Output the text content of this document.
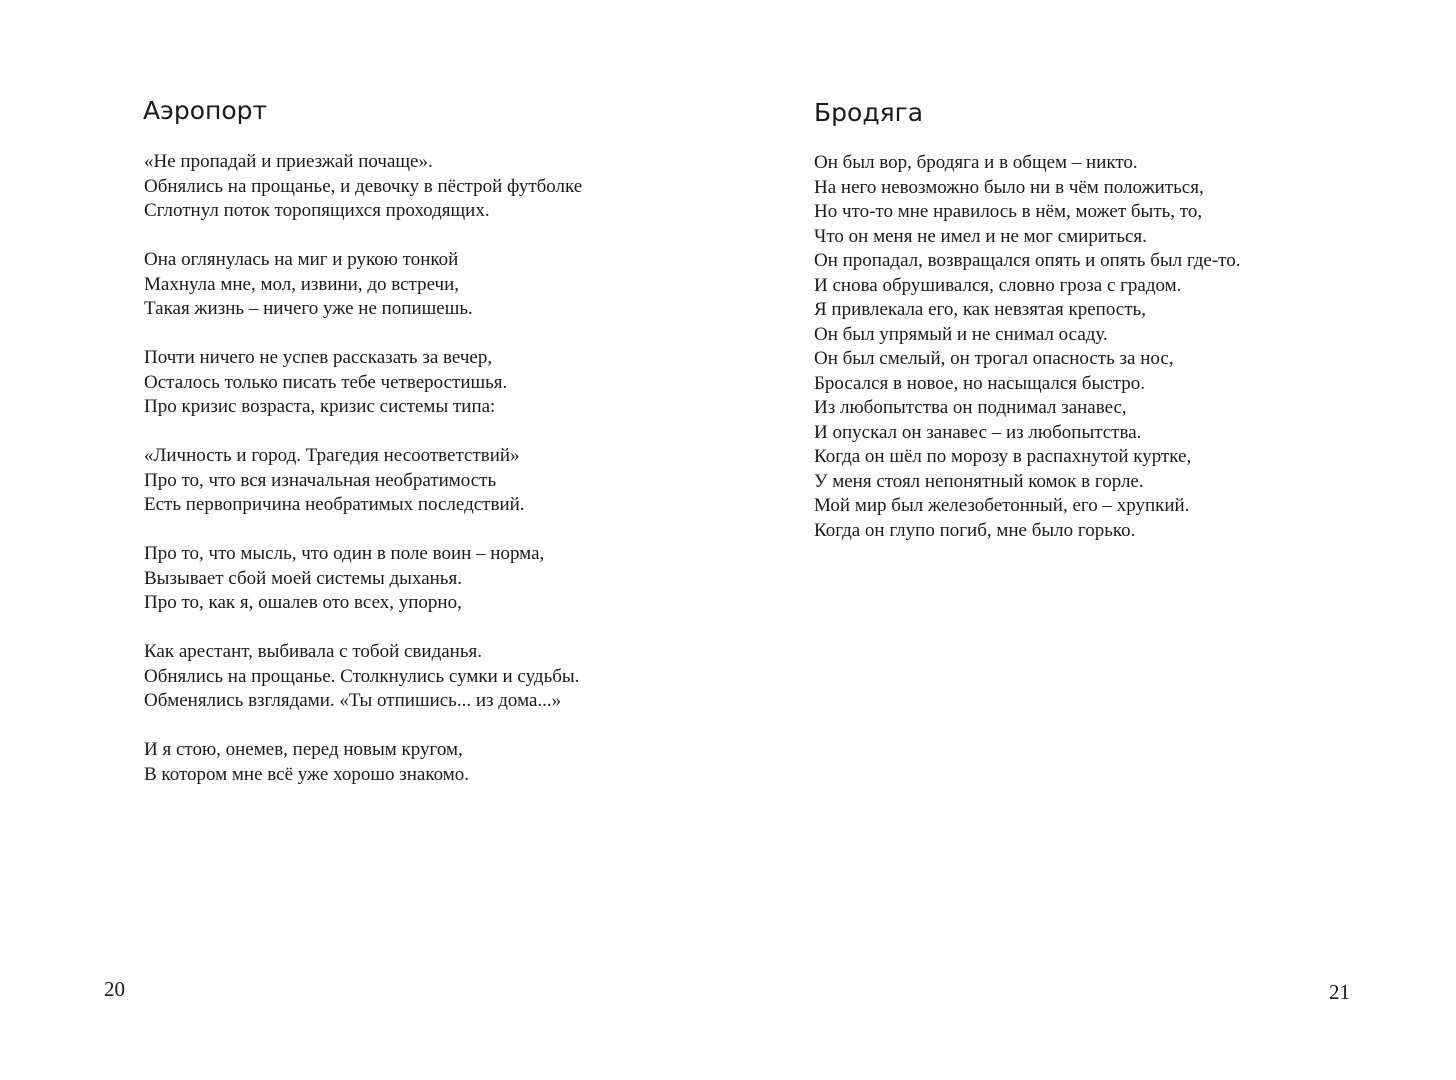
Аэропорт

«Не пропадай и приезжай почаще».
Обнялись на прощанье, и девочку в пёстрой футболке
Сглотнул поток торопящихся проходящих.

Она оглянулась на миг и рукою тонкой
Махнула мне, мол, извини, до встречи,
Такая жизнь – ничего уже не попишешь.

Почти ничего не успев рассказать за вечер,
Осталось только писать тебе четверостишья.
Про кризис возраста, кризис системы типа:

«Личность и город. Трагедия несоответствий»
Про то, что вся изначальная необратимость
Есть первопричина необратимых последствий.

Про то, что мысль, что один в поле воин – норма,
Вызывает сбой моей системы дыханья.
Про то, как я, ошалев ото всех, упорно,

Как арестант, выбивала с тобой свиданья.
Обнялись на прощанье. Столкнулись сумки и судьбы.
Обменялись взглядами. «Ты отпишись... из дома...»

И я стою, онемев, перед новым кругом,
В котором мне всё уже хорошо знакомо.

20
Бродяга

Он был вор, бродяга и в общем – никто.
На него невозможно было ни в чём положиться,
Но что-то мне нравилось в нём, может быть, то,
Что он меня не имел и не мог смириться.
Он пропадал, возвращался опять и опять был где-то.
И снова обрушивался, словно гроза с градом.
Я привлекала его, как невзятая крепость,
Он был упрямый и не снимал осаду.
Он был смелый, он трогал опасность за нос,
Бросался в новое, но насыщался быстро.
Из любопытства он поднимал занавес,
И опускал он занавес – из любопытства.
Когда он шёл по морозу в распахнутой куртке,
У меня стоял непонятный комок в горле.
Мой мир был железобетонный, его – хрупкий.
Когда он глупо погиб, мне было горько.

21
